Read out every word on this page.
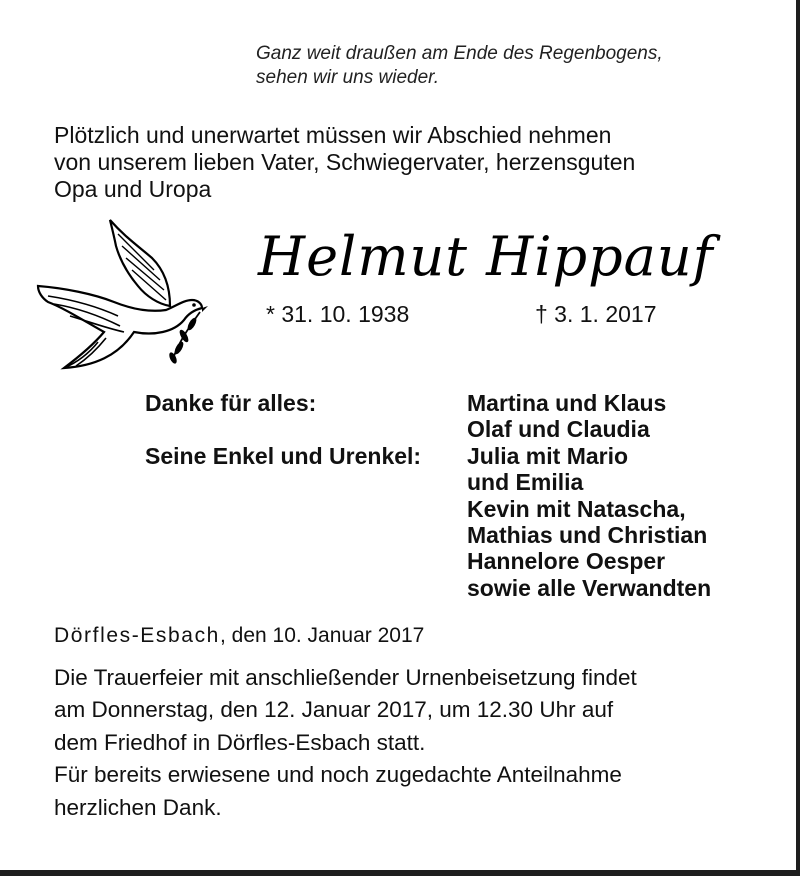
Ganz weit draußen am Ende des Regenbogens,
sehen wir uns wieder.
Plötzlich und unerwartet müssen wir Abschied nehmen
von unserem lieben Vater, Schwiegervater, herzensguten
Opa und Uropa
Helmut Hippauf
* 31. 10. 1938	† 3. 1. 2017
Danke für alles:	Martina und Klaus
Olaf und Claudia
Seine Enkel und Urenkel:	Julia mit Mario
und Emilia
Kevin mit Natascha,
Mathias und Christian
Hannelore Oesper
sowie alle Verwandten
Dörfles-Esbach, den 10. Januar 2017
Die Trauerfeier mit anschließender Urnenbeisetzung findet
am Donnerstag, den 12. Januar 2017, um 12.30 Uhr auf
dem Friedhof in Dörfles-Esbach statt.
Für bereits erwiesene und noch zugedachte Anteilnahme
herzlichen Dank.
